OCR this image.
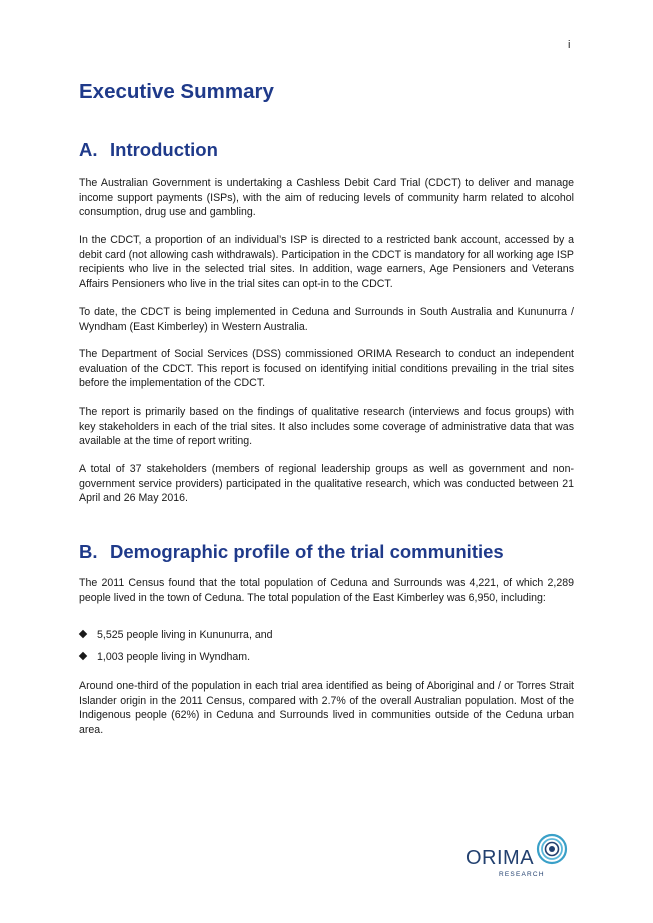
i
Executive Summary
A. Introduction

The Australian Government is undertaking a Cashless Debit Card Trial (CDCT) to deliver and manage income support payments (ISPs), with the aim of reducing levels of community harm related to alcohol consumption, drug use and gambling.

In the CDCT, a proportion of an individual’s ISP is directed to a restricted bank account, accessed by a debit card (not allowing cash withdrawals). Participation in the CDCT is mandatory for all working age ISP recipients who live in the selected trial sites. In addition, wage earners, Age Pensioners and Veterans Affairs Pensioners who live in the trial sites can opt-in to the CDCT.

To date, the CDCT is being implemented in Ceduna and Surrounds in South Australia and Kununurra / Wyndham (East Kimberley) in Western Australia.

The Department of Social Services (DSS) commissioned ORIMA Research to conduct an independent evaluation of the CDCT. This report is focused on identifying initial conditions prevailing in the trial sites before the implementation of the CDCT.

The report is primarily based on the findings of qualitative research (interviews and focus groups) with key stakeholders in each of the trial sites. It also includes some coverage of administrative data that was available at the time of report writing.

A total of 37 stakeholders (members of regional leadership groups as well as government and non-government service providers) participated in the qualitative research, which was conducted between 21 April and 26 May 2016.

B. Demographic profile of the trial communities

The 2011 Census found that the total population of Ceduna and Surrounds was 4,221, of which 2,289 people lived in the town of Ceduna. The total population of the East Kimberley was 6,950, including:

5,525 people living in Kununurra, and

1,003 people living in Wyndham.

Around one-third of the population in each trial area identified as being of Aboriginal and / or Torres Strait Islander origin in the 2011 Census, compared with 2.7% of the overall Australian population. Most of the Indigenous people (62%) in Ceduna and Surrounds lived in communities outside of the Ceduna urban area.

ORIMA
RESEARCH
